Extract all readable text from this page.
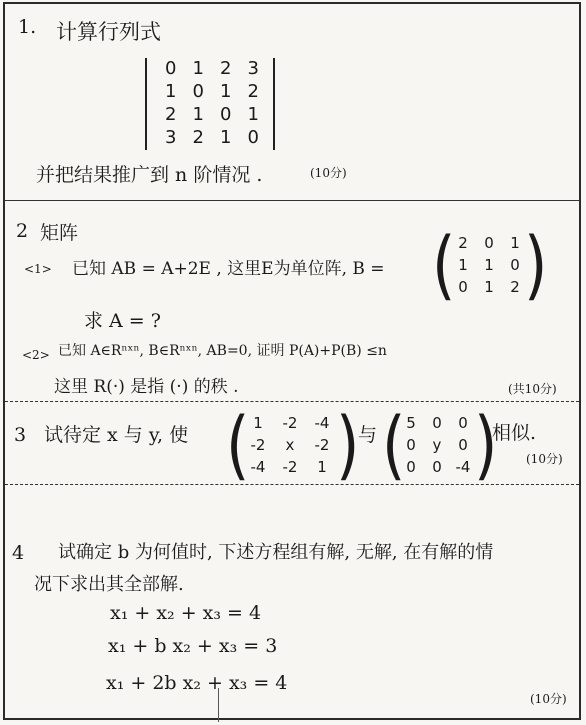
1. 计算行列式
0 1 2 3
1 0 1 2
2 1 0 1
3 2 1 0
并把结果推广到 n 阶情况 .	(10分)
2 矩阵
<1> 已知 AB = A+2E , 这里E为单位阵, B = ( 2	0	1
1	1	0
0	1	2 )
求 A = ?
<2> 已知 A∈Rⁿˣⁿ, B∈Rⁿˣⁿ, AB=0, 证明 P(A)+P(B) ≤n
这里 R(·) 是指 (·) 的秩 .	(共10分)
3 试待定 x 与 y, 使 ( 1	-2	-4
-2	x	-2
-4	-2	1 )
与 ( 5	0	0
0	y	0
0	0 -4 )
相似.
(10分)
4 试确定 b 为何值时, 下述方程组有解, 无解, 在有解的情
况下求出其全部解.
x₁ + x₂ + x₃ = 4
x₁ + b x₂ + x₃ = 3
x₁ + 2b x₂ + x₃ = 4
(10分)
